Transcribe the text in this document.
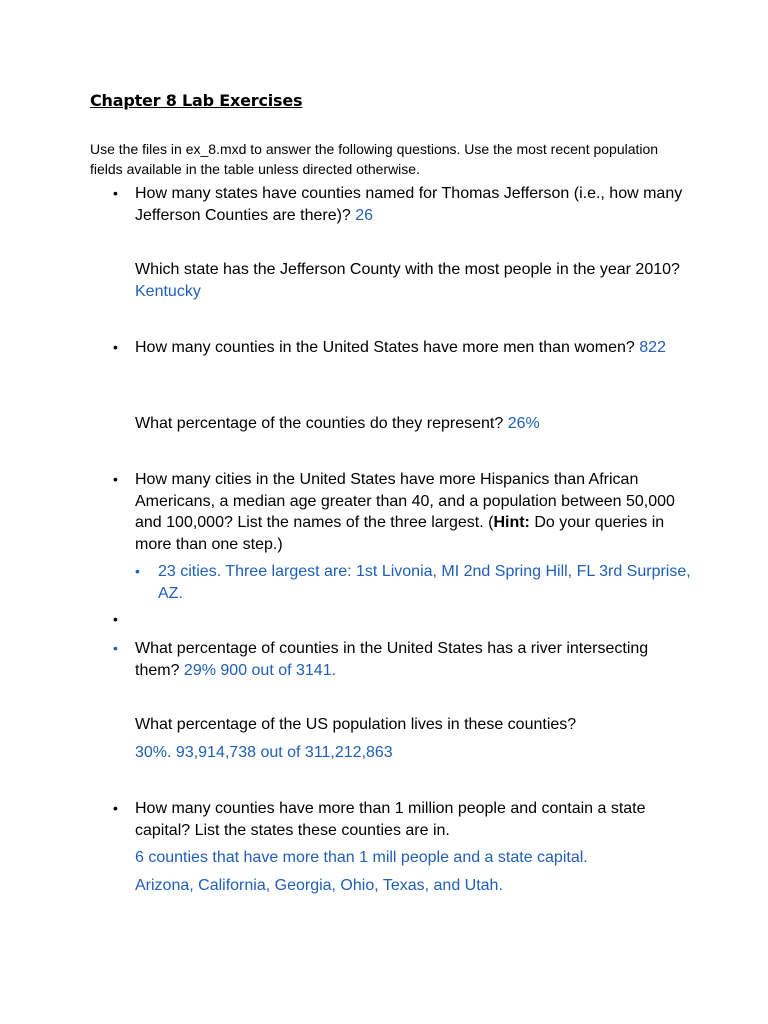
Chapter 8 Lab Exercises
Use the files in ex_8.mxd to answer the following questions. Use the most recent population fields available in the table unless directed otherwise.
• How many states have counties named for Thomas Jefferson (i.e., how many Jefferson Counties are there)? 26
Which state has the Jefferson County with the most people in the year 2010? Kentucky
• How many counties in the United States have more men than women? 822
What percentage of the counties do they represent? 26%
• How many cities in the United States have more Hispanics than African Americans, a median age greater than 40, and a population between 50,000 and 100,000? List the names of the three largest. (Hint: Do your queries in more than one step.)
• 23 cities. Three largest are: 1st Livonia, MI 2nd Spring Hill, FL 3rd Surprise, AZ.
•
• What percentage of counties in the United States has a river intersecting them? 29% 900 out of 3141.
What percentage of the US population lives in these counties?
30%. 93,914,738 out of 311,212,863
• How many counties have more than 1 million people and contain a state capital? List the states these counties are in.
6 counties that have more than 1 mill people and a state capital.
Arizona, California, Georgia, Ohio, Texas, and Utah.
